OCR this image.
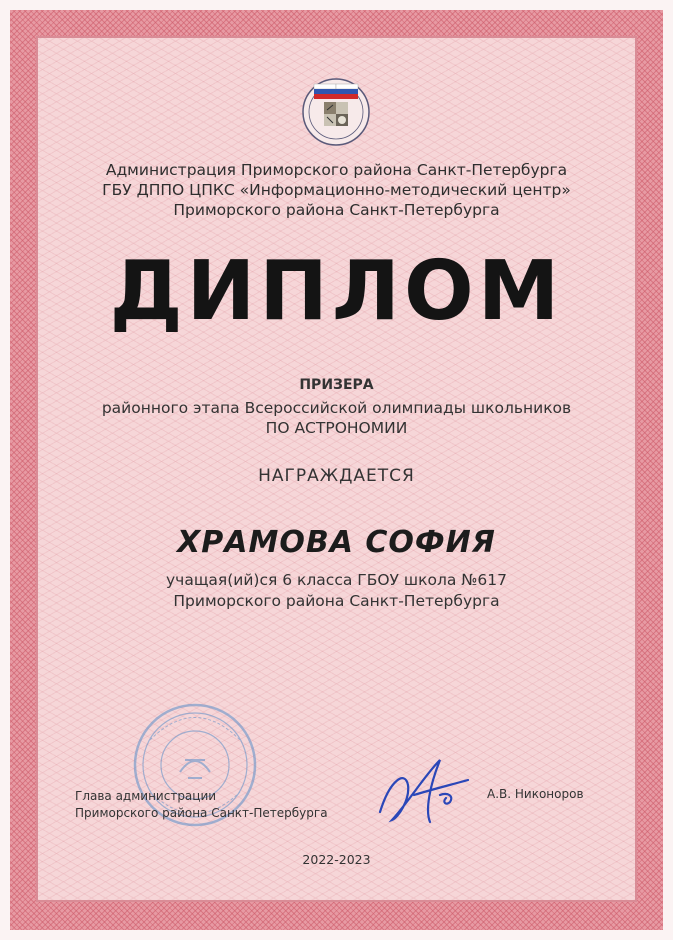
Администрация Приморского района Санкт-Петербурга
ГБУ ДППО ЦПКС «Информационно-методический центр»
Приморского района Санкт-Петербурга
ДИПЛОМ
ПРИЗЕРА
районного этапа Всероссийской олимпиады школьников
ПО АСТРОНОМИИ
НАГРАЖДАЕТСЯ
ХРАМОВА СОФИЯ
учащая(ий)ся 6 класса ГБОУ школа №617
Приморского района Санкт-Петербурга
Глава администрации
Приморского района Санкт-Петербурга
А.В. Никоноров
2022-2023
